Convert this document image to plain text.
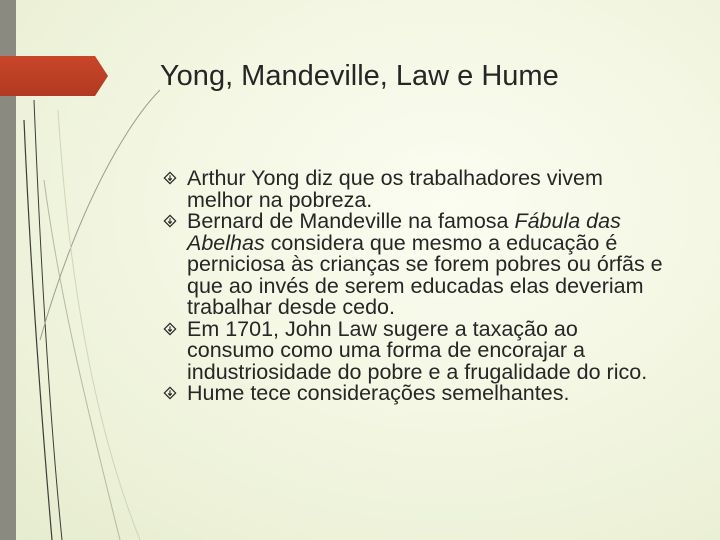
Yong, Mandeville, Law e Hume
Arthur Yong diz que os trabalhadores vivem melhor na pobreza.
Bernard de Mandeville na famosa Fábula das Abelhas considera que mesmo a educação é perniciosa às crianças se forem pobres ou órfãs e que ao invés de serem educadas elas deveriam trabalhar desde cedo.
Em 1701, John Law sugere a taxação ao consumo como uma forma de encorajar a industriosidade do pobre e a frugalidade do rico.
Hume tece considerações semelhantes.
